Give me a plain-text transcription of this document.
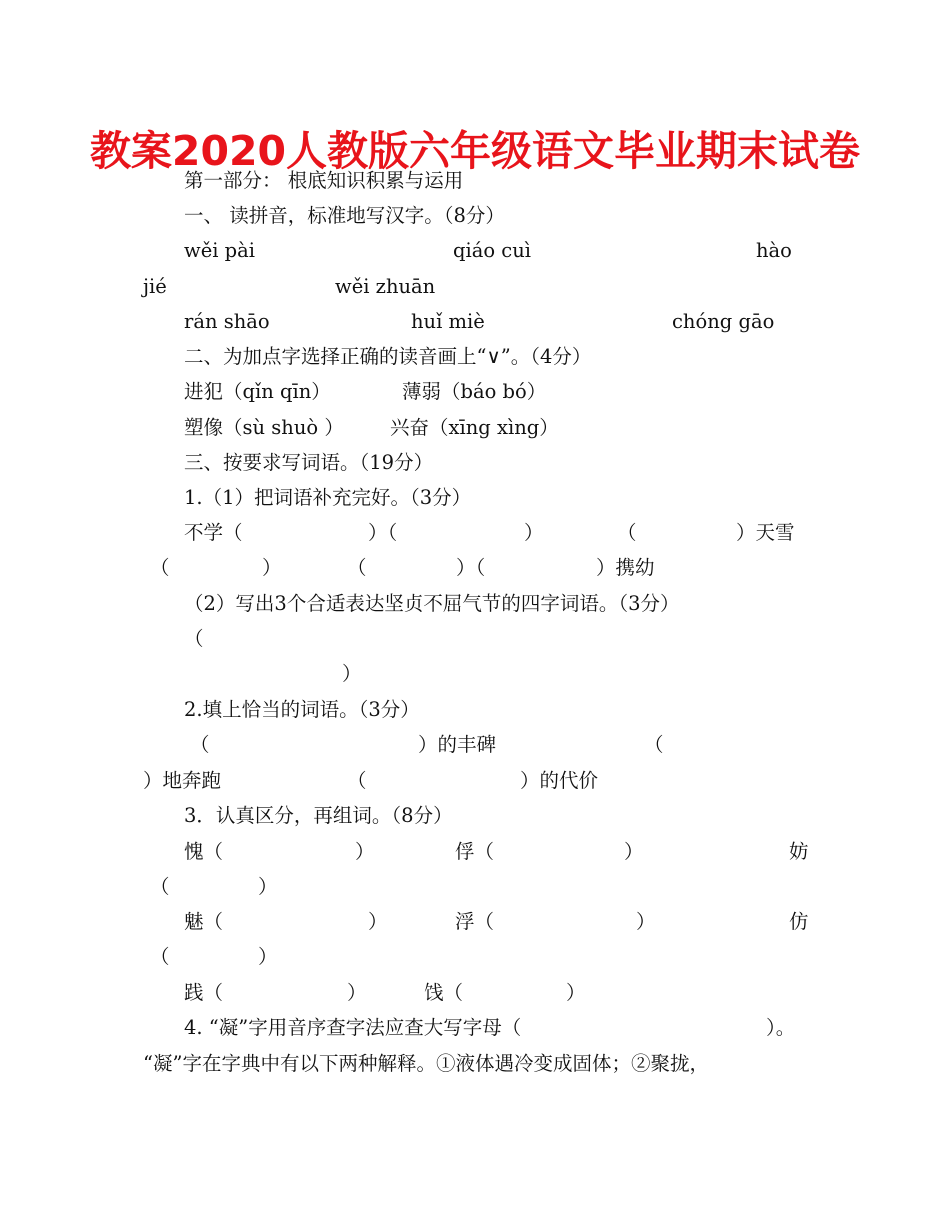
教案2020人教版六年级语文毕业期末试卷
第一部分： 根底知识积累与运用
一、 读拼音，标准地写汉字。（8分）
wěi pài	qiáo cuì	hào
jié	wěi zhuān
rán shāo	huǐ miè	chóng gāo
二、为加点字选择正确的读音画上“∨”。（4分）
进犯（qǐn qīn）	薄弱（báo bó）
塑像（sù shuò ） 兴奋（xīng xìng）
三、按要求写词语。（19分）
1.（1）把词语补充完好。（3分）
不学（	）（	）	（	）天雪
（	）	（	）（	）携幼
（2）写出3个合适表达坚贞不屈气节的四字词语。（3分）
（
）
2.填上恰当的词语。（3分）
（	）的丰碑	（
）地奔跑	（	）的代价
3．认真区分，再组词。（8分）
愧（	）	俘（	）	妨
（	）
魅（	）	浮（	）	仿
（	）
践（	）	饯（	）
4. “凝”字用音序查字法应查大写字母（	）。
“凝”字在字典中有以下两种解释。①液体遇冷变成固体；②聚拢，
